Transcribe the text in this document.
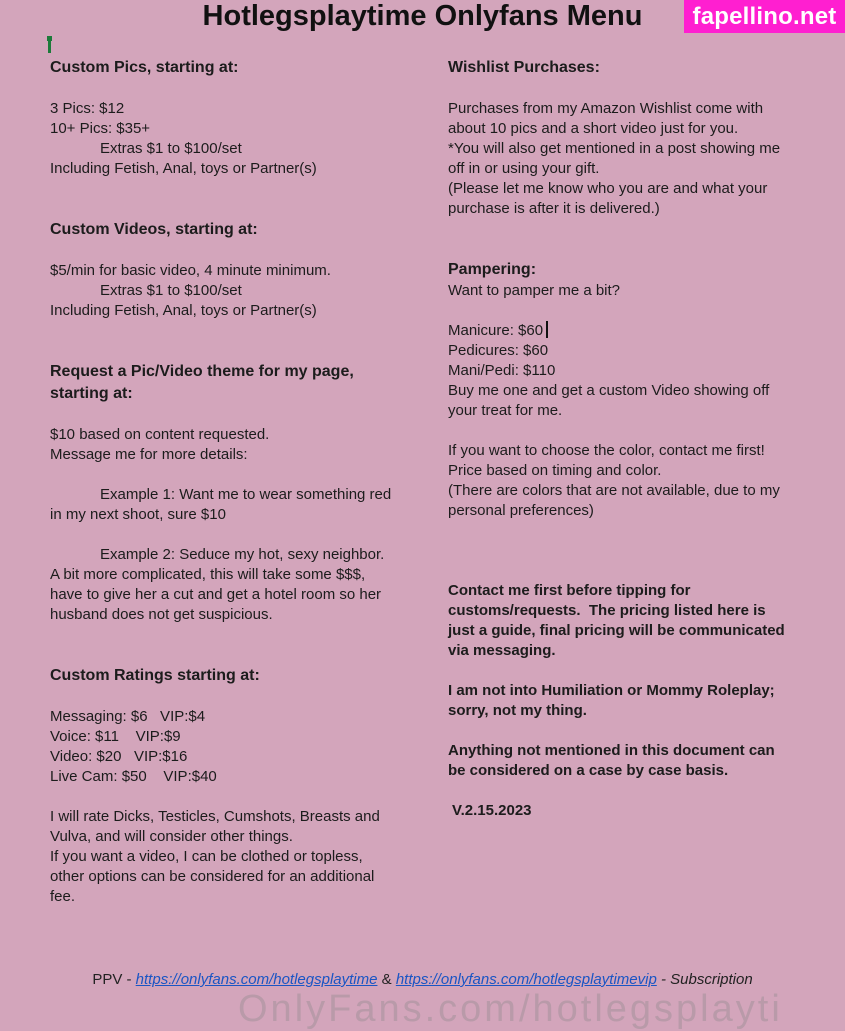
Hotlegsplaytime Onlyfans Menu	fapellino.net
Custom Pics, starting at:
3 Pics: $12
10+ Pics: $35+
Extras $1 to $100/set
Including Fetish, Anal, toys or Partner(s)
Custom Videos, starting at:
$5/min for basic video, 4 minute minimum.
Extras $1 to $100/set
Including Fetish, Anal, toys or Partner(s)
Request a Pic/Video theme for my page,
starting at:
$10 based on content requested.
Message me for more details:
Example 1: Want me to wear something red
in my next shoot, sure $10
Example 2: Seduce my hot, sexy neighbor.
A bit more complicated, this will take some $$$,
have to give her a cut and get a hotel room so her
husband does not get suspicious.
Custom Ratings starting at:
Messaging: $6   VIP:$4
Voice: $11    VIP:$9
Video: $20   VIP:$16
Live Cam: $50    VIP:$40
I will rate Dicks, Testicles, Cumshots, Breasts and
Vulva, and will consider other things.
If you want a video, I can be clothed or topless,
other options can be considered for an additional
fee.
Wishlist Purchases:
Purchases from my Amazon Wishlist come with
about 10 pics and a short video just for you.
*You will also get mentioned in a post showing me
off in or using your gift.
(Please let me know who you are and what your
purchase is after it is delivered.)
Pampering:
Want to pamper me a bit?
Manicure: $60
Pedicures: $60
Mani/Pedi: $110
Buy me one and get a custom Video showing off
your treat for me.
If you want to choose the color, contact me first!
Price based on timing and color.
(There are colors that are not available, due to my
personal preferences)
Contact me first before tipping for
customs/requests.  The pricing listed here is
just a guide, final pricing will be communicated
via messaging.
I am not into Humiliation or Mommy Roleplay;
sorry, not my thing.
Anything not mentioned in this document can
be considered on a case by case basis.
V.2.15.2023
PPV - https://onlyfans.com/hotlegsplaytime & https://onlyfans.com/hotlegsplaytimevip - Subscription
OnlyFans.com/hotlegsplayti
